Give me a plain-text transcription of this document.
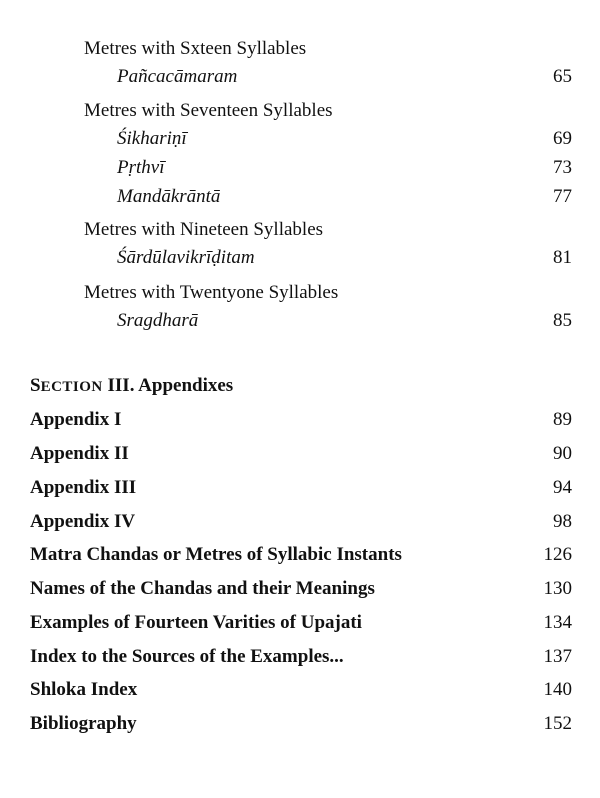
Metres with Sxteen Syllables
Pañcacāmaram	65
Metres with Seventeen Syllables
Śikhariṇī	69
Pṛthvī	73
Mandākrāntā	77
Metres with Nineteen Syllables
Śārdūlavikrīḍitam	81
Metres with Twentyone Syllables
Sragdharā	85
SECTION III. Appendixes
Appendix I	89
Appendix II	90
Appendix III	94
Appendix IV	98
Matra Chandas or Metres of Syllabic Instants	126
Names of the Chandas and their Meanings	130
Examples of Fourteen Varities of Upajati	134
Index to the Sources of the Examples...	137
Shloka Index	140
Bibliography	152
